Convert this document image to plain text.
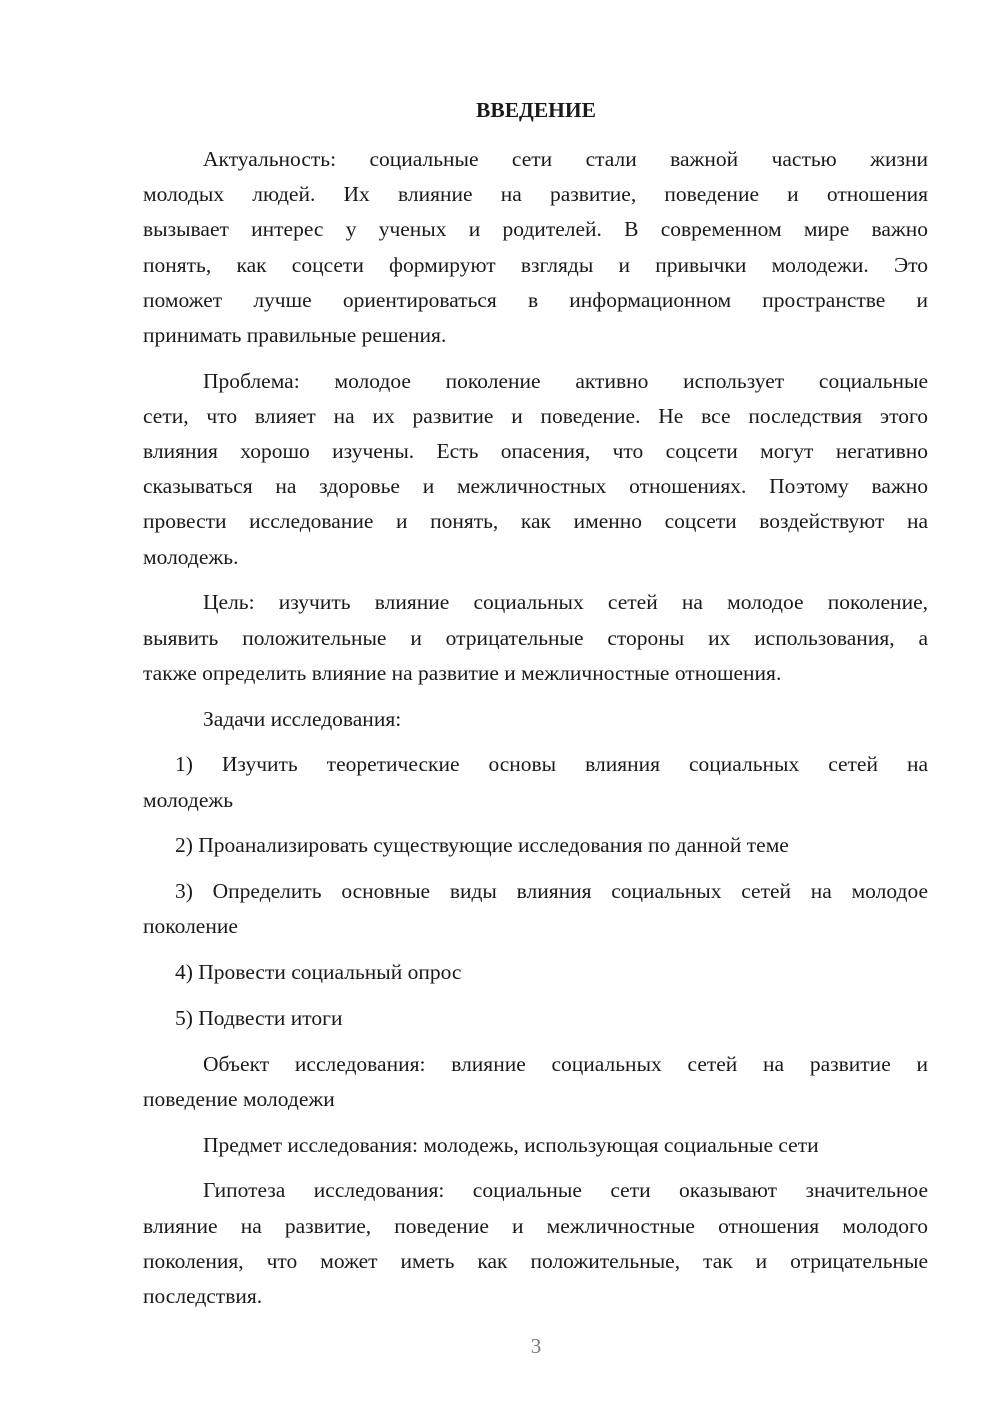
ВВЕДЕНИЕ
Актуальность: социальные сети стали важной частью жизни
молодых людей. Их влияние на развитие, поведение и отношения
вызывает интерес у ученых и родителей. В современном мире важно
понять, как соцсети формируют взгляды и привычки молодежи. Это
поможет лучше ориентироваться в информационном пространстве и
принимать правильные решения.
Проблема: молодое поколение активно использует социальные
сети, что влияет на их развитие и поведение. Не все последствия этого
влияния хорошо изучены. Есть опасения, что соцсети могут негативно
сказываться на здоровье и межличностных отношениях. Поэтому важно
провести исследование и понять, как именно соцсети воздействуют на
молодежь.
Цель: изучить влияние социальных сетей на молодое поколение,
выявить положительные и отрицательные стороны их использования, а
также определить влияние на развитие и межличностные отношения.
Задачи исследования:
1) Изучить теоретические основы влияния социальных сетей на
молодежь
2) Проанализировать существующие исследования по данной теме
3) Определить основные виды влияния социальных сетей на молодое
поколение
4) Провести социальный опрос
5) Подвести итоги
Объект исследования: влияние социальных сетей на развитие и
поведение молодежи
Предмет исследования: молодежь, использующая социальные сети
Гипотеза исследования: социальные сети оказывают значительное
влияние на развитие, поведение и межличностные отношения молодого
поколения, что может иметь как положительные, так и отрицательные
последствия.
3
